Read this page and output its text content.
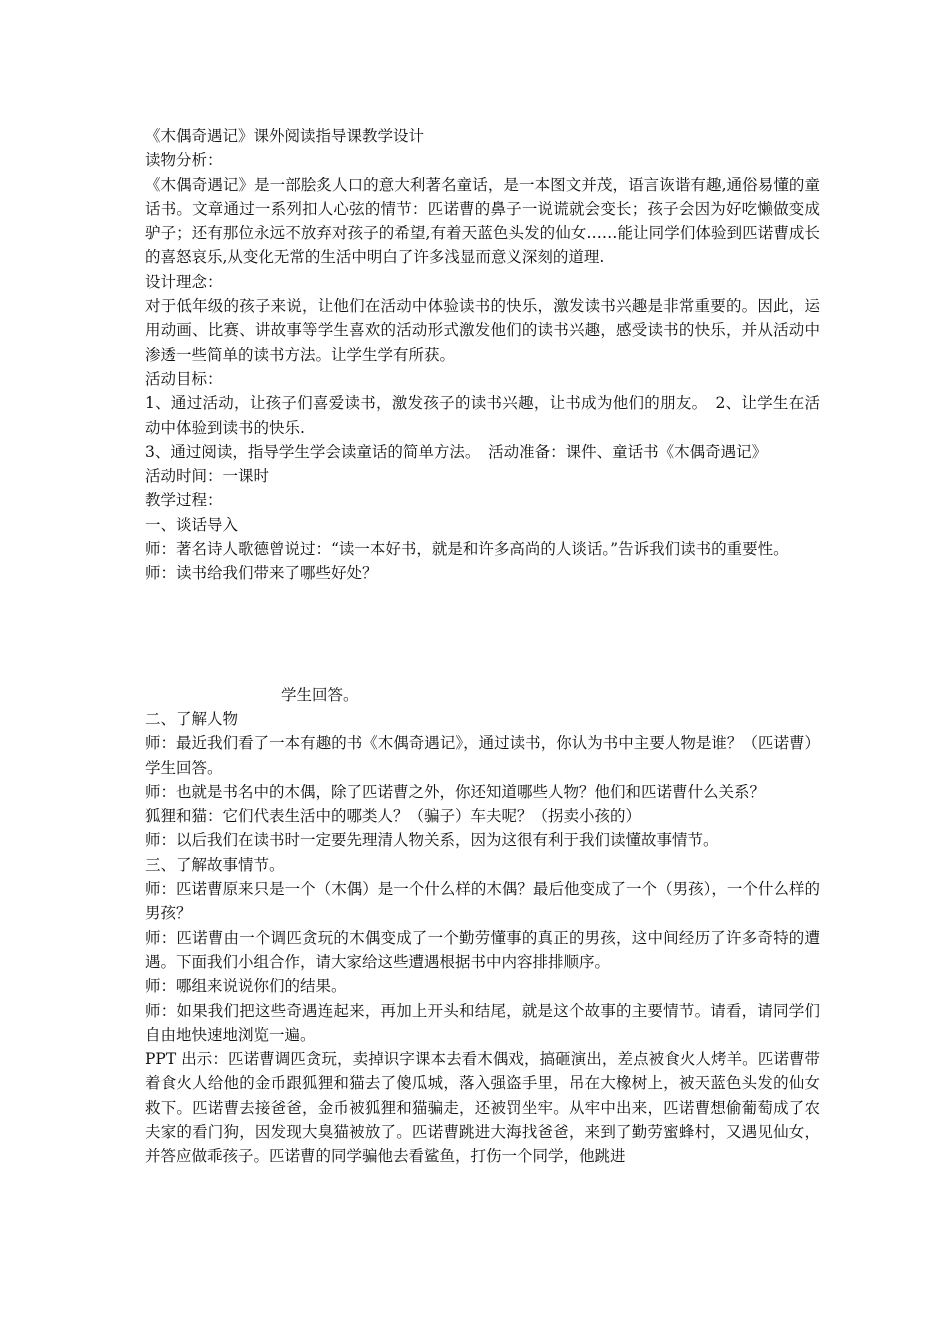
《木偶奇遇记》课外阅读指导课教学设计

读物分析：

《木偶奇遇记》是一部脍炙人口的意大利著名童话，是一本图文并茂，语言诙谐有趣,通俗易懂的童话书。文章通过一系列扣人心弦的情节：匹诺曹的鼻子一说谎就会变长；孩子会因为好吃懒做变成驴子；还有那位永远不放弃对孩子的希望,有着天蓝色头发的仙女……能让同学们体验到匹诺曹成长的喜怒哀乐,从变化无常的生活中明白了许多浅显而意义深刻的道理.

设计理念：

对于低年级的孩子来说，让他们在活动中体验读书的快乐，激发读书兴趣是非常重要的。因此，运用动画、比赛、讲故事等学生喜欢的活动形式激发他们的读书兴趣，感受读书的快乐，并从活动中渗透一些简单的读书方法。让学生学有所获。

活动目标：

1、通过活动，让孩子们喜爱读书，激发孩子的读书兴趣，让书成为他们的朋友。　2、让学生在活动中体验到读书的快乐.

3、通过阅读，指导学生学会读童话的简单方法。　活动准备：课件、童话书《木偶奇遇记》

活动时间：一课时

教学过程：

一、谈话导入

师：著名诗人歌德曾说过：“读一本好书，就是和许多高尚的人谈话。”告诉我们读书的重要性。

师：读书给我们带来了哪些好处？

学生回答。

二、了解人物

师：最近我们看了一本有趣的书《木偶奇遇记》，通过读书，你认为书中主要人物是谁？（匹诺曹）学生回答。

师：也就是书名中的木偶，除了匹诺曹之外，你还知道哪些人物？他们和匹诺曹什么关系？

狐狸和猫：它们代表生活中的哪类人？（骗子）车夫呢？（拐卖小孩的）

师：以后我们在读书时一定要先理清人物关系，因为这很有利于我们读懂故事情节。

三、了解故事情节。

师：匹诺曹原来只是一个（木偶）是一个什么样的木偶？最后他变成了一个（男孩），一个什么样的男孩？

师：匹诺曹由一个调匹贪玩的木偶变成了一个勤劳懂事的真正的男孩，这中间经历了许多奇特的遭遇。下面我们小组合作，请大家给这些遭遇根据书中内容排排顺序。

师：哪组来说说你们的结果。

师：如果我们把这些奇遇连起来，再加上开头和结尾，就是这个故事的主要情节。请看，请同学们自由地快速地浏览一遍。

PPT 出示：匹诺曹调匹贪玩，卖掉识字课本去看木偶戏，搞砸演出，差点被食火人烤羊。匹诺曹带着食火人给他的金币跟狐狸和猫去了傻瓜城，落入强盗手里，吊在大橡树上，被天蓝色头发的仙女救下。匹诺曹去接爸爸，金币被狐狸和猫骗走，还被罚坐牢。从牢中出来，匹诺曹想偷葡萄成了农夫家的看门狗，因发现大臭猫被放了。匹诺曹跳进大海找爸爸，来到了勤劳蜜蜂村，又遇见仙女，并答应做乖孩子。匹诺曹的同学骗他去看鲨鱼，打伤一个同学，他跳进
